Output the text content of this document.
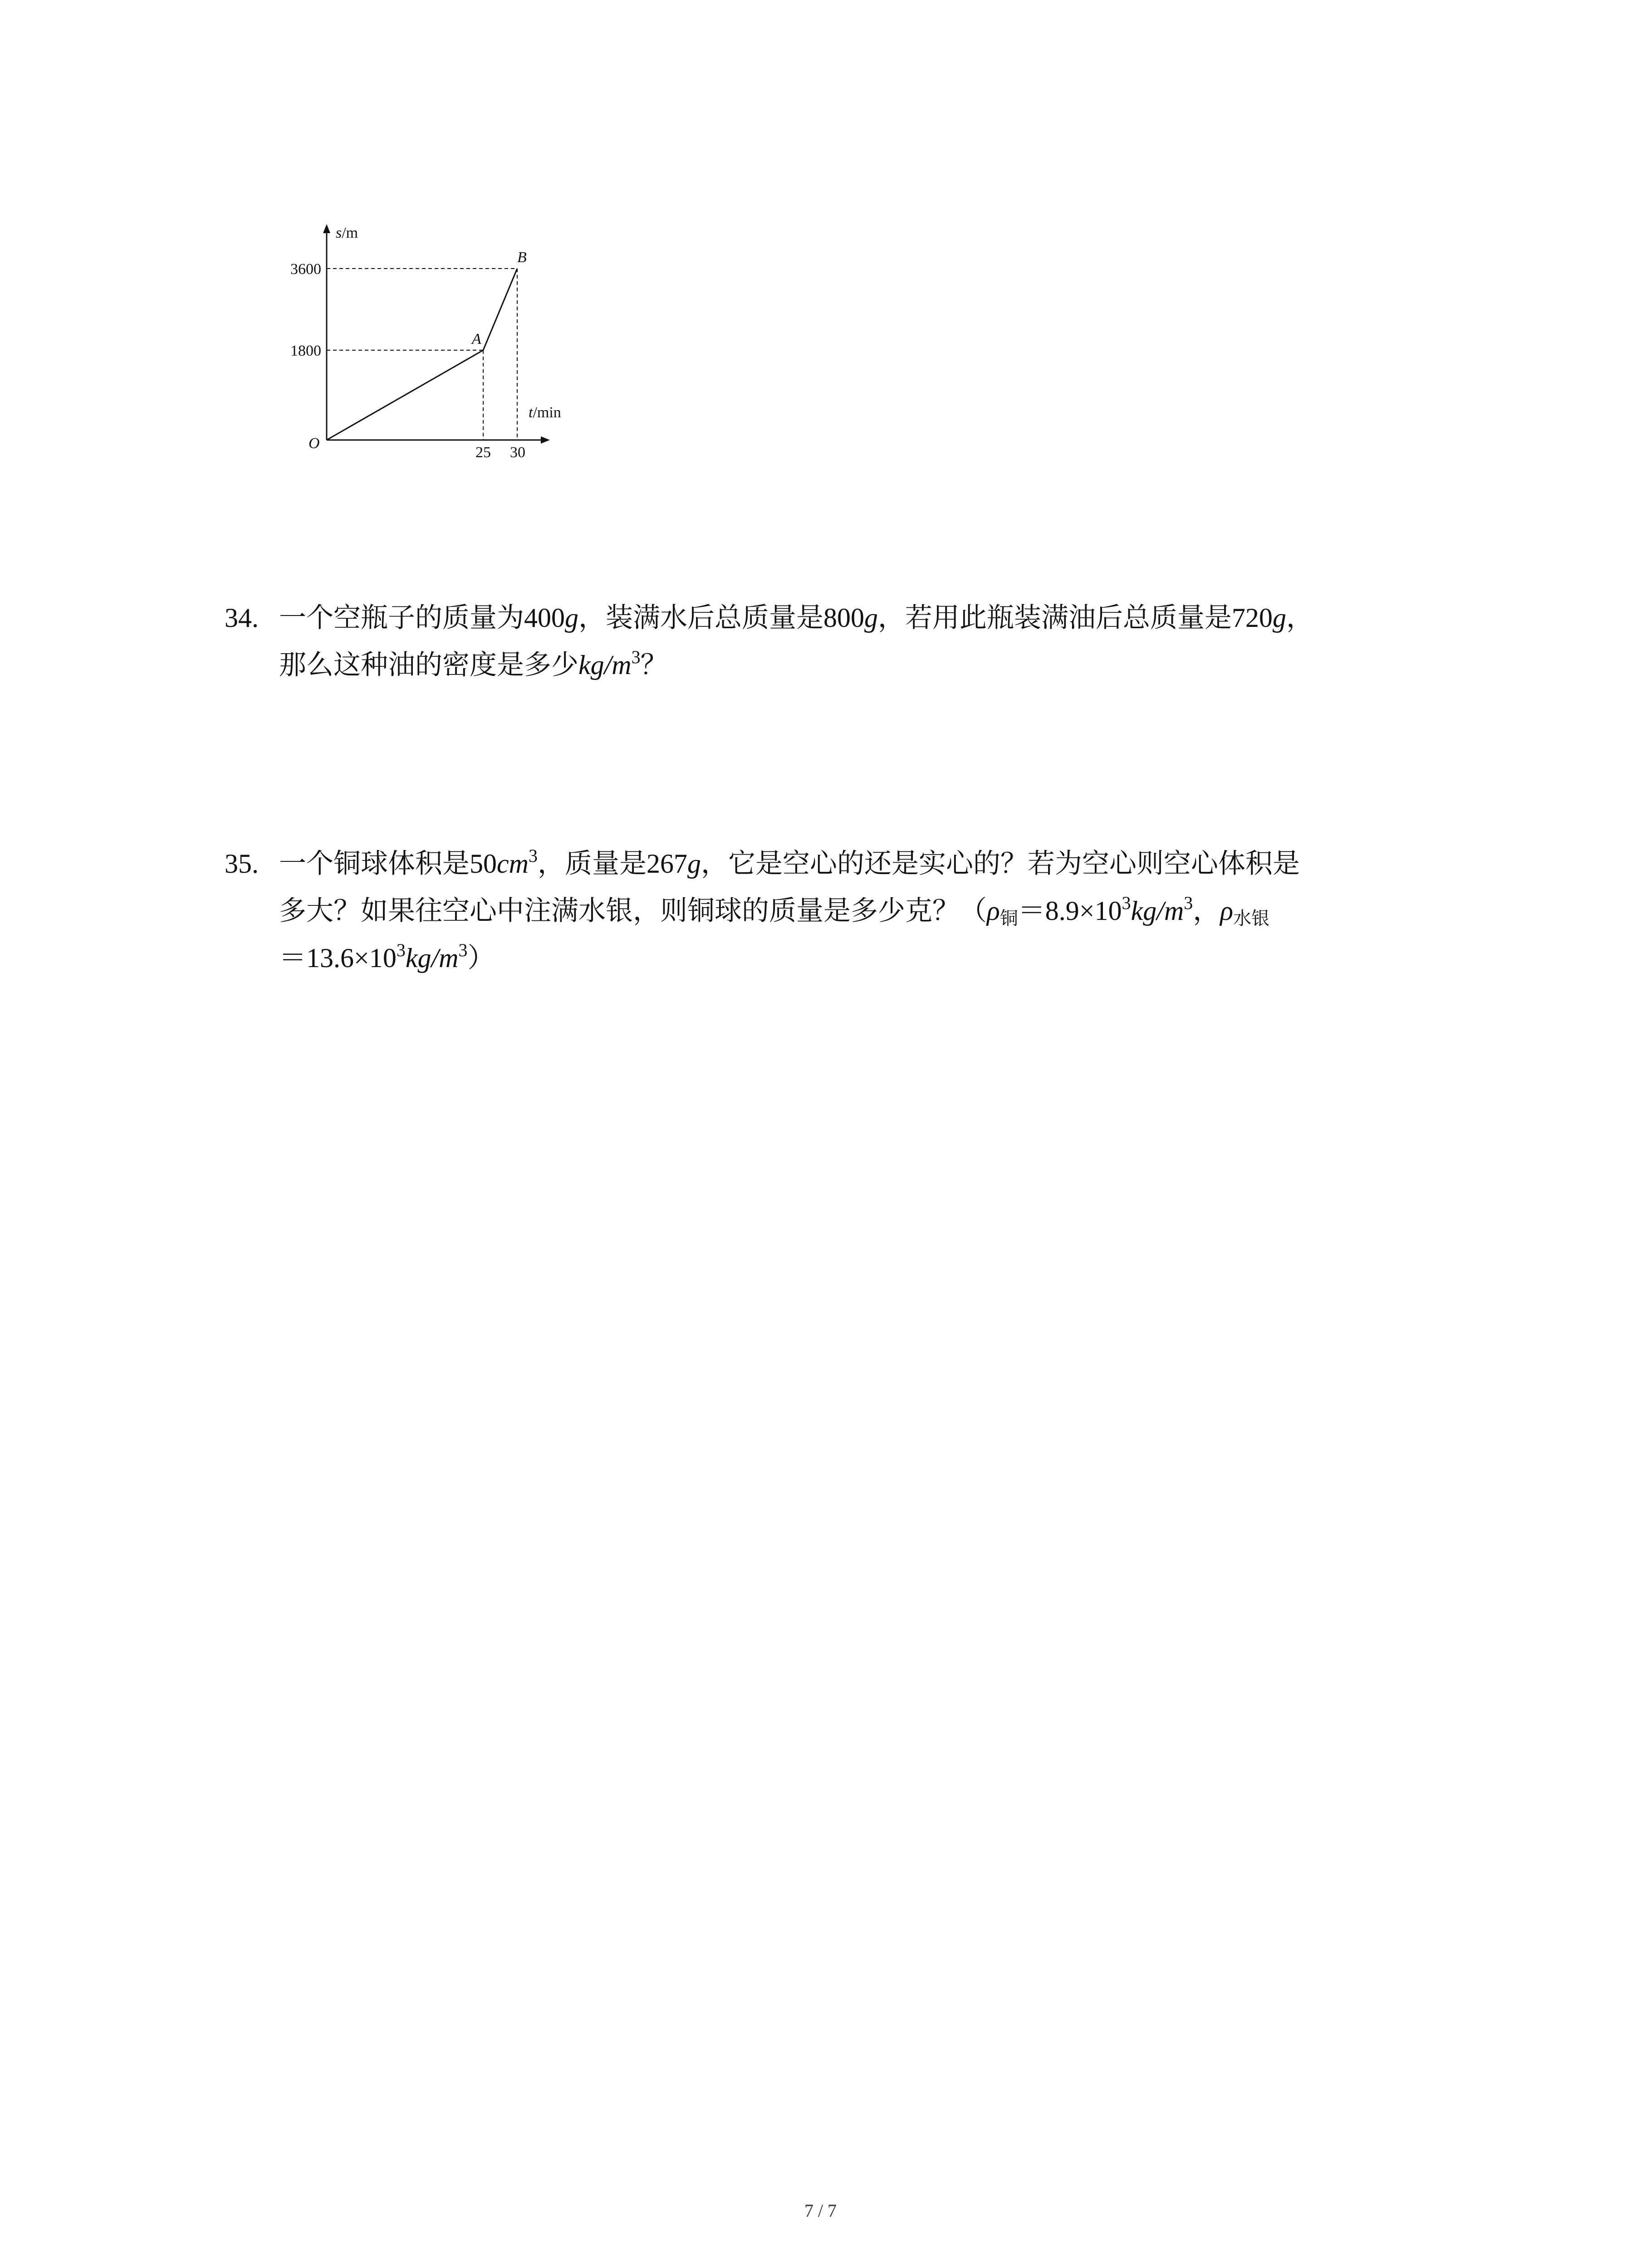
s/m
t/min
3600
1800
25 30
O
A
B
34. 一个空瓶子的质量为400g，装满水后总质量是800g，若用此瓶装满油后总质量是720g，
那么这种油的密度是多少$kg/m^3$？
35. 一个铜球体积是$50cm^3$，质量是267g，它是空心的还是实心的？若为空心则空心体积是
多大？如果往空心中注满水银，则铜球的质量是多少克？（$\rho_铜=8.9\times 10^3kg/m^3$，$\rho_{水银}$
$=13.6\times 10^3kg/m^3$）
7 / 7
